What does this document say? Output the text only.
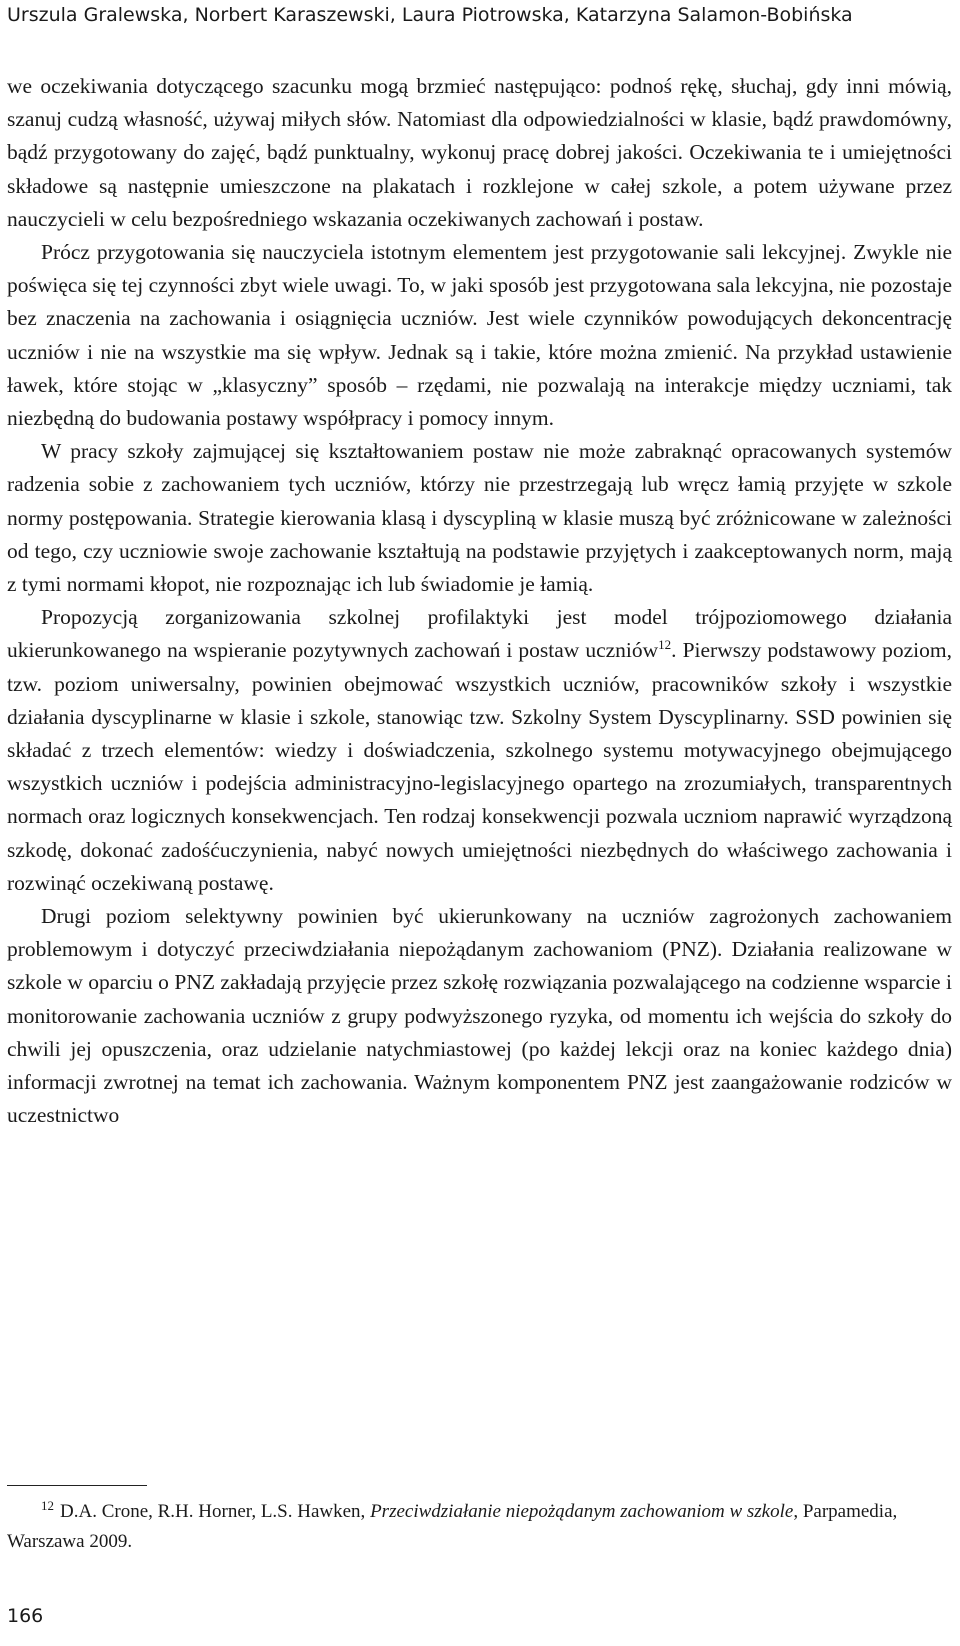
Urszula Gralewska, Norbert Karaszewski, Laura Piotrowska, Katarzyna Salamon-Bobińska

we oczekiwania dotyczącego szacunku mogą brzmieć następująco: podnoś rękę, słuchaj, gdy inni mówią, szanuj cudzą własność, używaj miłych słów. Natomiast dla odpowiedzialności w klasie, bądź prawdomówny, bądź przygotowany do zajęć, bądź punktualny, wykonuj pracę dobrej jakości. Oczekiwania te i umiejętności składowe są następnie umieszczone na plakatach i rozklejone w całej szkole, a potem używane przez nauczycieli w celu bezpośredniego wskazania oczekiwanych zachowań i postaw.

Prócz przygotowania się nauczyciela istotnym elementem jest przygotowanie sali lekcyjnej. Zwykle nie poświęca się tej czynności zbyt wiele uwagi. To, w jaki sposób jest przygotowana sala lekcyjna, nie pozostaje bez znaczenia na zachowania i osiągnięcia uczniów. Jest wiele czynników powodujących dekoncentrację uczniów i nie na wszystkie ma się wpływ. Jednak są i takie, które można zmienić. Na przykład ustawienie ławek, które stojąc w „klasyczny” sposób – rzędami, nie pozwalają na interakcje między uczniami, tak niezbędną do budowania postawy współpracy i pomocy innym.

W pracy szkoły zajmującej się kształtowaniem postaw nie może zabraknąć opracowanych systemów radzenia sobie z zachowaniem tych uczniów, którzy nie przestrzegają lub wręcz łamią przyjęte w szkole normy postępowania. Strategie kierowania klasą i dyscypliną w klasie muszą być zróżnicowane w zależności od tego, czy uczniowie swoje zachowanie kształtują na podstawie przyjętych i zaakceptowanych norm, mają z tymi normami kłopot, nie rozpoznając ich lub świadomie je łamią.

Propozycją zorganizowania szkolnej profilaktyki jest model trójpoziomowego działania ukierunkowanego na wspieranie pozytywnych zachowań i postaw uczniów$^{12}$. Pierwszy podstawowy poziom, tzw. poziom uniwersalny, powinien obejmować wszystkich uczniów, pracowników szkoły i wszystkie działania dyscyplinarne w klasie i szkole, stanowiąc tzw. Szkolny System Dyscyplinarny. SSD powinien się składać z trzech elementów: wiedzy i doświadczenia, szkolnego systemu motywacyjnego obejmującego wszystkich uczniów i podejścia administracyjno-legislacyjnego opartego na zrozumiałych, transparentnych normach oraz logicznych konsekwencjach. Ten rodzaj konsekwencji pozwala uczniom naprawić wyrządzoną szkodę, dokonać zadośćuczynienia, nabyć nowych umiejętności niezbędnych do właściwego zachowania i rozwinąć oczekiwaną postawę.

Drugi poziom selektywny powinien być ukierunkowany na uczniów zagrożonych zachowaniem problemowym i dotyczyć przeciwdziałania niepożądanym zachowaniom (PNZ). Działania realizowane w szkole w oparciu o PNZ zakładają przyjęcie przez szkołę rozwiązania pozwalającego na codzienne wsparcie i monitorowanie zachowania uczniów z grupy podwyższonego ryzyka, od momentu ich wejścia do szkoły do chwili jej opuszczenia, oraz udzielanie natychmiastowej (po każdej lekcji oraz na koniec każdego dnia) informacji zwrotnej na temat ich zachowania. Ważnym komponentem PNZ jest zaangażowanie rodziców w uczestnictwo

$^{12}$ D.A. Crone, R.H. Horner, L.S. Hawken, Przeciwdziałanie niepożądanym zachowaniom w szkole, Parpamedia, Warszawa 2009.
166
